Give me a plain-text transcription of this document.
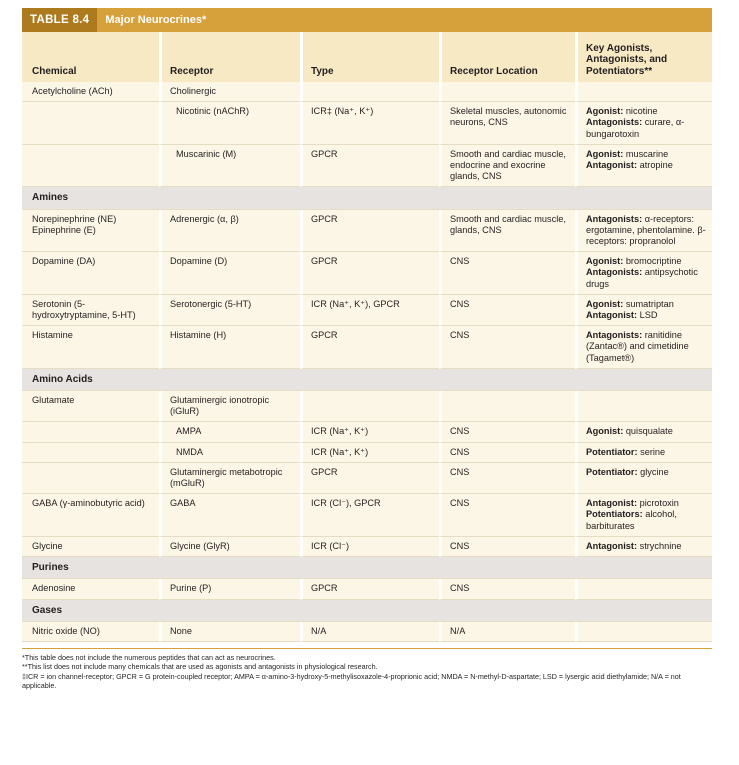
TABLE 8.4	Major Neurocrines*
Chemical	Receptor	Type	Receptor Location	Key Agonists, Antagonists, and Potentiators**
Acetylcholine (ACh)	Cholinergic			
	Nicotinic (nAChR)	ICR‡ (Na⁺, K⁺)	Skeletal muscles, autonomic neurons, CNS	Agonist: nicotine
Antagonists: curare, α-bungarotoxin

	Muscarinic (M)	GPCR	Smooth and cardiac muscle, endocrine and exocrine glands, CNS	Agonist: muscarine
Antagonist: atropine

Amines				
Norepinephrine (NE) Epinephrine (E)	Adrenergic (α, β)	GPCR	Smooth and cardiac muscle, glands, CNS	Antagonists: α-receptors: ergotamine, phentolamine. β-receptors: propranolol

Dopamine (DA)	Dopamine (D)	GPCR	CNS	Agonist: bromocriptine
Antagonists: antipsychotic drugs

Serotonin (5-hydroxytryptamine, 5-HT)	Serotonergic (5-HT)	ICR (Na⁺, K⁺), GPCR	CNS	Agonist: sumatriptan
Antagonist: LSD

Histamine	Histamine (H)	GPCR	CNS	Antagonists: ranitidine (Zantac®) and cimetidine (Tagamet®)

Amino Acids				
Glutamate	Glutaminergic ionotropic (iGluR)			
	AMPA	ICR (Na⁺, K⁺)	CNS	Agonist: quisqualate

	NMDA	ICR (Na⁺, K⁺)	CNS	Potentiator: serine

	Glutaminergic metabotropic (mGluR)	GPCR	CNS	Potentiator: glycine

GABA (γ-aminobutyric acid)	GABA	ICR (Cl⁻), GPCR	CNS	Antagonist: picrotoxin
Potentiators: alcohol, barbiturates

Glycine	Glycine (GlyR)	ICR (Cl⁻)	CNS	Antagonist: strychnine

Purines				
Adenosine	Purine (P)	GPCR	CNS	
Gases				
Nitric oxide (NO)	None	N/A	N/A	
*This table does not include the numerous peptides that can act as neurocrines.
**This list does not include many chemicals that are used as agonists and antagonists in physiological research.
‡ICR = ion channel-receptor; GPCR = G protein-coupled receptor; AMPA = α-amino-3-hydroxy-5-methylisoxazole-4-proprionic acid; NMDA = N-methyl-D-aspartate; LSD = lysergic acid diethylamide; N/A = not applicable.
